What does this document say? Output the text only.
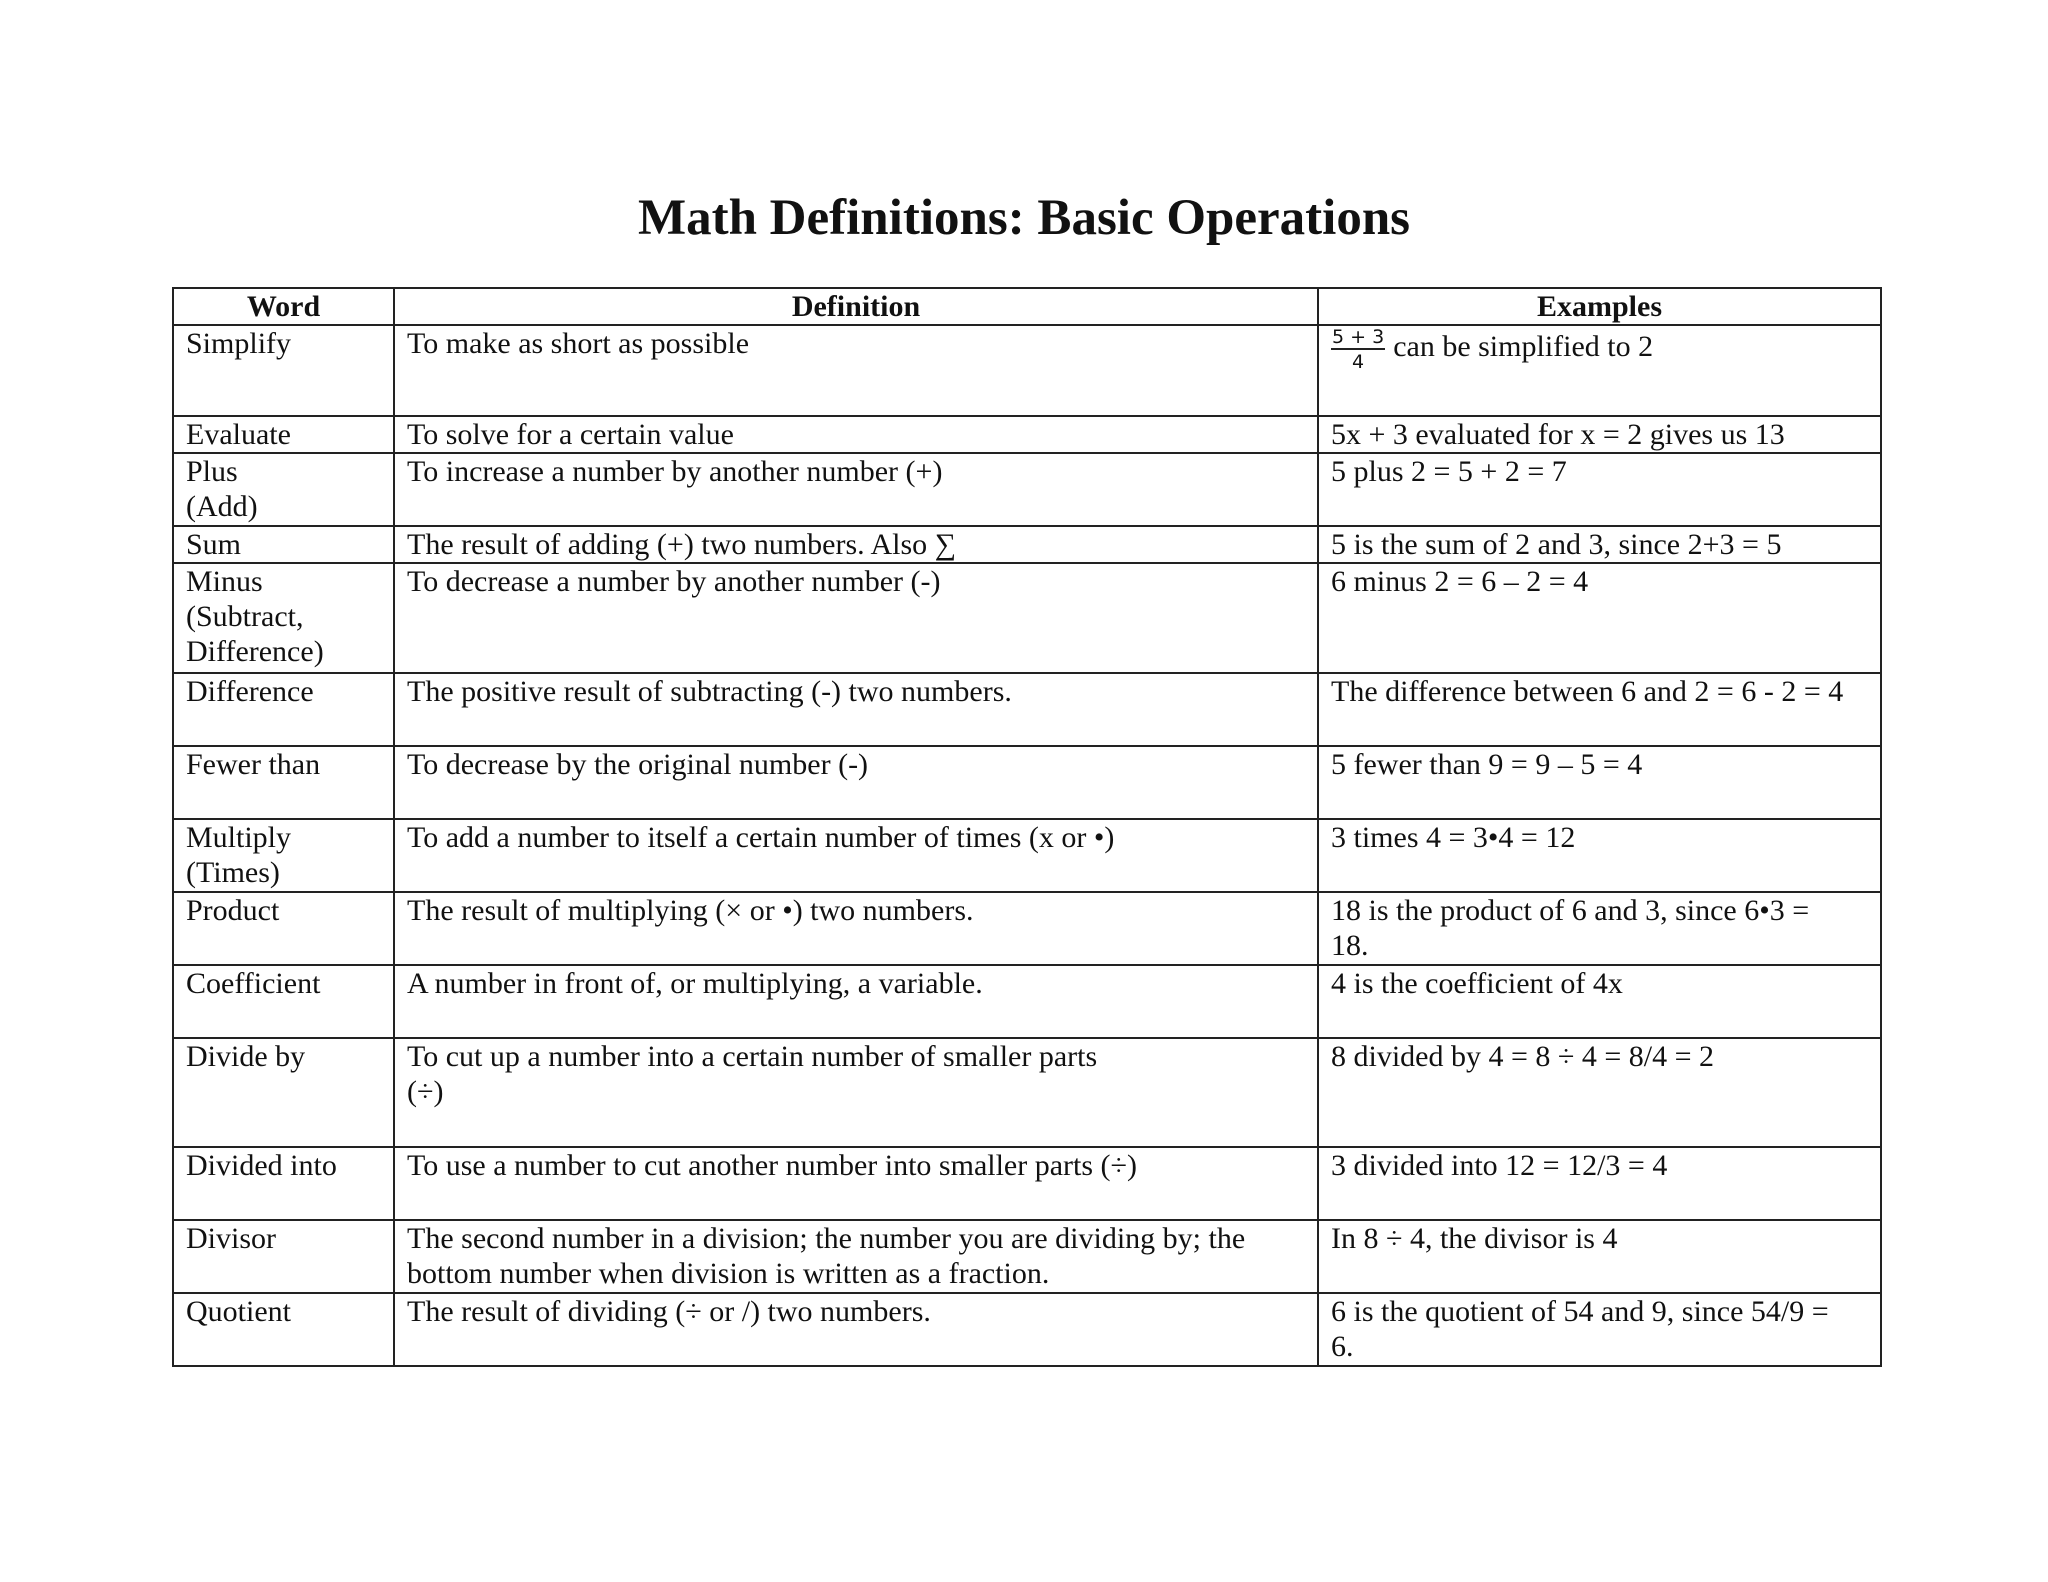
Math Definitions: Basic Operations
Word	Definition	Examples
Simplify	To make as short as possible	$\frac{5 + 3}{4}$ can be simplified to 2
Evaluate	To solve for a certain value	5x + 3 evaluated for x = 2 gives us 13

Plus
(Add)	To increase a number by another number (+)	5 plus 2 = 5 + 2 = 7
Sum	The result of adding (+) two numbers. Also ∑	5 is the sum of 2 and 3, since 2+3 = 5

Minus
(Subtract,
Difference)	To decrease a number by another number (-)	6 minus 2 = 6 – 2 = 4
Difference	The positive result of subtracting (-) two numbers.	The difference between 6 and 2 = 6 - 2 = 4
Fewer than	To decrease by the original number (-)	5 fewer than 9 = 9 – 5 = 4

Multiply
(Times)	To add a number to itself a certain number of times (x or •)	3 times 4 = 3•4 = 12
Product	The result of multiplying (× or •) two numbers.	18 is the product of 6 and 3, since 6•3 =
18.

Coefficient	A number in front of, or multiplying, a variable.	4 is the coefficient of 4x
Divide by	To cut up a number into a certain number of smaller parts
(÷)	8 divided by 4 = 8 ÷ 4 = 8/4 = 2
Divided into	To use a number to cut another number into smaller parts (÷)	3 divided into 12 = 12/3 = 4
Divisor	The second number in a division; the number you are dividing by; the
bottom number when division is written as a fraction.	In 8 ÷ 4, the divisor is 4
Quotient	The result of dividing (÷ or /) two numbers.	6 is the quotient of 54 and 9, since 54/9 =
6.
